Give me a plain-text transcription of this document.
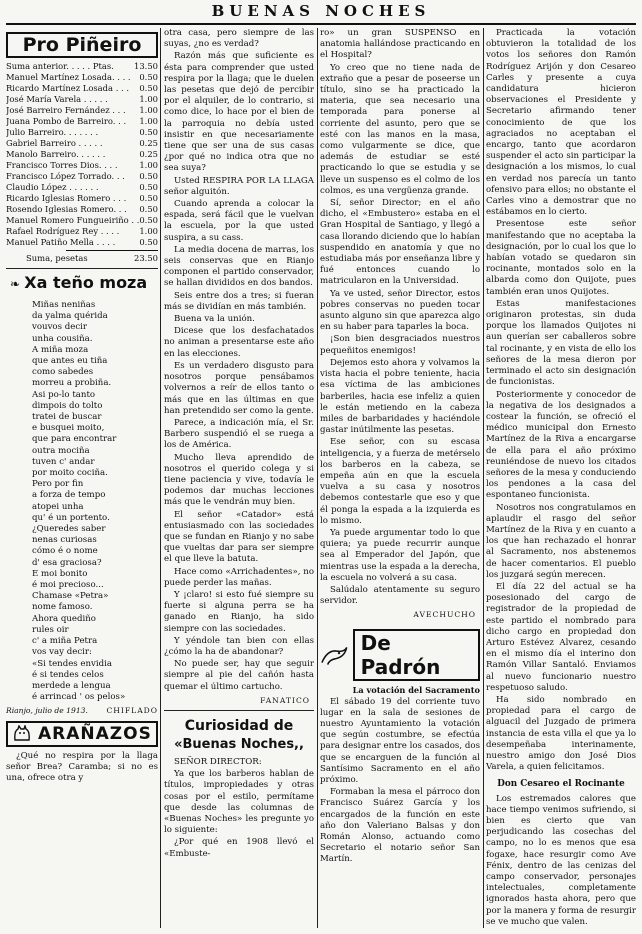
BUENAS NOCHES
Pro Piñeiro
Suma anterior. . . . . Ptas. 13.50
Manuel Martínez Losada. . . . 0.50
Ricardo Martínez Losada . . . 0.50
José María Varela . . . . .	1.00
José Barreiro Fernández . . . 1.00
Juana Pombo de Barreiro. . . 1.00
Julio Barreiro. . . . . . .	0.50
Gabriel Barreiro . . . . .	0.25
Manolo Barreiro. . . . . .	0.25
Francisco Torres Dios. . . .	1.00
Francisco López Torrado. . . 0.50
Claudio López . . . . . .	0.50
Ricardo Iglesias Romero . . . 0.50
Rosendo Iglesias Romero. . . 0.50
Manuel Romero Fungueiriño . . 0.50
Rafael Rodríguez Rey . . . . 1.00
Manuel Patiño Mella . . . .	0.50
Suma, pesetas	23.50
❧ Xa teño moza
Miñas neniñas
da yalma quérida
vouvos decir
unha cousiña.
A miña moza
que antes eu tiña
como sabedes
morreu a probiña.
Asi po-lo tanto
dimpois do tolto
tratei de buscar
e busquei moito,
que para encontrar
outra mociña
tuven c' andar
por moito cociña.
Pero por fin
a forza de tempo
atopei unha
qu' é un portento.
¿Queredes saber
nenas curiosas
cómo é o nome
d' esa graciosa?
E moi bonito
é moi precioso...
Chamase «Petra»
nome famoso.
Ahora quediño
rules oir
c' a miña Petra
vos vay decir:
«Si tendes envidia
é si tendes celos
merdede a lengua
é arrincad ' os pelos»
Rianjo, julio de 1913. CHIFLADO
ARAÑAZOS

¿Qué no respira por la llaga señor Brea? Caramba; si no es una, ofrece otra y

otra casa, pero siempre de las suyas, ¿no es verdad?

Razón más que suficiente es ésta para comprender que usted respira por la llaga; que le duelen las pesetas que dejó de percibir por el alquiler, de lo contrario, si como dice, lo hace por el bien de la parroquia no debía usted insistir en que necesariamente tiene que ser una de sus casas ¿por qué no indica otra que no sea suya?

Usted RESPIRA POR LA LLAGA señor alguitón.

Cuando aprenda a colocar la espada, será fácil que le vuelvan la escuela, por la que usted suspira, a su cass.

La media docena de marras, los seis conservas que en Rianjo componen el partido conservador, se hallan divididos en dos bandos.

Seis entre dos a tres; si fueran más se dividían en más también.

Buena va la unión.

Dicese que los desfachatados no animan a presentarse este año en las elecciones.

Es un verdadero disgusto para nosotros porque pensábamos volvernos a reír de ellos tanto o más que en las últimas en que han pretendido ser como la gente.

Parece, a indicación mía, el Sr. Barbero suspendió el se ruega a los de América.

Mucho lleva aprendido de nosotros el querido colega y si tiene paciencia y vive, todavía le podemos dar muchas lecciones más que le vendrán muy bien.

El señor «Catador» está entusiasmado con las sociedades que se fundan en Rianjo y no sabe que vueltas dar para ser siempre el que lleve la batuta.

Hace como «Arrichadentes», no puede perder las mañas.

Y ¡claro! si esto fué siempre su fuerte si alguna perra se ha ganado en Rianjo, ha sido siempre con las sociedades.

Y yéndole tan bien con ellas ¿cómo la ha de abandonar?

No puede ser, hay que seguir siempre al pie del cañón hasta quemar el último cartucho.

FANATICO
Curiosidad de
«Buenas Noches,,

SEÑOR DIRECTOR:

Ya que los barberos hablan de títulos, impropiedades y otras cosas por el estilo, permítame que desde las columnas de «Buenas Noches» les pregunte yo lo siguiente:

¿Por qué en 1908 llevó el «Embuste-

ro» un gran SUSPENSO en anatomia hallándose practicando en el Hospital?

Yo creo que no tiene nada de extraño que a pesar de poseerse un título, sino se ha practicado la materia, que sea necesario una temporada para ponerse al corriente del asunto, pero que se esté con las manos en la masa, como vulgarmente se dice, que además de estudiar se esté practicando lo que se estudia y se lleve un suspenso es el colmo de los colmos, es una vergüenza grande.

Sí, señor Director; en el año dicho, el «Embustero» estaba en el Gran Hospital de Santiago, y llegó a casa llorando diciendo que lo habían suspendido en anatomía y que no estudiaba más por enseñanza libre y fué entonces cuando lo matricularon en la Universidad.

Ya ve usted, señor Director, estos pobres conservas no pueden tocar asunto alguno sin que aparezca algo en su haber para taparles la boca.

¡Son bien desgraciados nuestros pequeñitos enemigos!

Dejemos esto ahora y volvamos la vista hacia el pobre teniente, hacia esa víctima de las ambiciones barberiles, hacia ese infeliz a quien le están metiendo en la cabeza miles de barbaridades y haciéndole gastar inútilmente las pesetas.

Ese señor, con su escasa inteligencia, y a fuerza de metérselo los barberos en la cabeza, se empeña aún en que la escuela vuelva a su casa y nosotros debemos contestarle que eso y que él ponga la espada a la izquierda es lo mismo.

Ya puede argumentar todo lo que quiera; ya puede recurrir aunque sea al Emperador del Japón, que mientras use la espada a la derecha, la escuela no volverá a su casa.

Salúdalo atentamente su seguro servidor.

AVECHUCHO
De Padrón
La votación del Sacramento

El sábado 19 del corriente tuvo lugar en la sala de sesiones de nuestro Ayuntamiento la votación que según costumbre, se efectúa para designar entre los casados, dos que se encarguen de la función al Santísimo Sacramento en el año próximo.

Formaban la mesa el párroco don Francisco Suárez García y los encargados de la función en este año don Valeriano Balsas y don Román Alonso, actuando como Secretario el notario señor San Martín.

Practicada la votación obtuvieron la totalidad de los votos los señores don Ramón Rodríguez Arijón y don Cesareo Carles y presente a cuya candidatura hicieron observaciones el Presidente y Secretario afirmando tener conocimiento de que los agraciados no aceptaban el encargo, tanto que acordaron suspender el acto sin participar la designación a los mismos, lo cual en verdad nos parecía un tanto ofensivo para ellos; no obstante el Carles vino a demostrar que no estábamos en lo cierto.

Presentose este señor manifestando que no aceptaba la designación, por lo cual los que lo habían votado se quedaron sin rocinante, montados solo en la albarda como don Quijote, pues también eran unos Quijotes.

Estas manifestaciones originaron protestas, sin duda porque los llamados Quijotes ni aun querían ser caballeros sobre tal rocinante, y en vista de ello los señores de la mesa dieron por terminado el acto sin designación de funcionistas.

Posteriormente y conocedor de la negativa de los designados a costear la función, se ofreció el médico municipal don Ernesto Martínez de la Riva a encargarse de ella para el año próximo reuniéndose de nuevo los citados señores de la mesa y conduciendo los pendones a la casa del espontaneo funcionista.

Nosotros nos congratulamos en aplaudir el rasgo del señor Martínez de la Riva y en cuanto a los que han rechazado el honrar al Sacramento, nos abstenemos de hacer comentarios. El pueblo los juzgará según merecen.

El día 22 del actual se ha posesionado del cargo de registrador de la propiedad de este partido el nombrado para dicho cargo en propiedad don Arturo Estévez Alvarez, cesando en el mismo día el interino don Ramón Villar Santaló. Enviamos al nuevo funcionario nuestro respetuoso saludo.

Ha sido nombrado en propiedad para el cargo de alguacil del Juzgado de primera instancia de esta villa el que ya lo desempeñaba interinamente, nuestro amigo don José Dios Varela, a quien felicitamos.

Don Cesareo el Rocinante

Los estremados calores que hace tiempo venimos sufriendo, si bien es cierto que van perjudicando las cosechas del campo, no lo es menos que esa fogaxe, hace resurgir como Ave Fénix, dentro de las cenizas del campo conservador, personajes intelectuales, completamente ignorados hasta ahora, pero que por la manera y forma de resurgir se ve mucho que valen.
